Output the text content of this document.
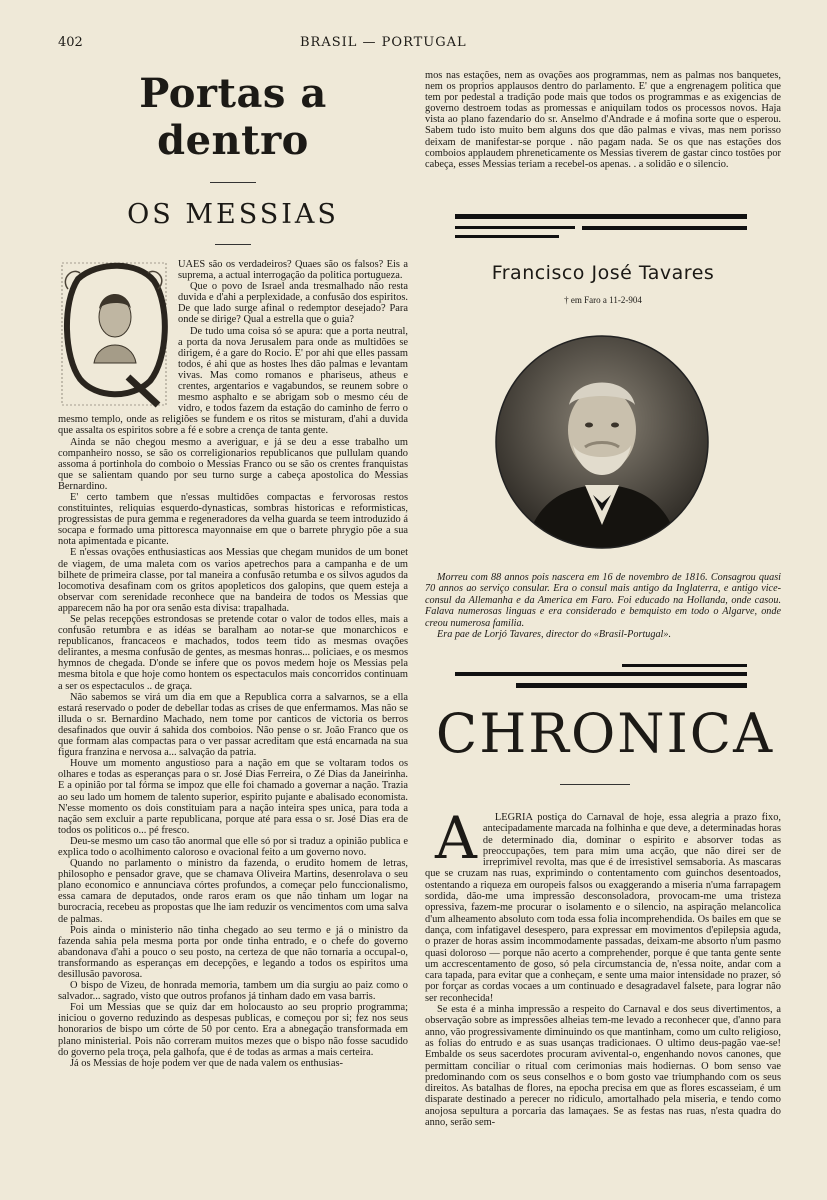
402	BRASIL — PORTUGAL
Portas a dentro
OS MESSIAS

UAES são os verdadeiros? Quaes são os falsos? Eis a suprema, a actual interrogação da politica portugueza.

Que o povo de Israel anda tresmalhado não resta duvida e d'ahi a perplexidade, a confusão dos espiritos. De que lado surge afinal o redemptor desejado? Para onde se dirige? Qual a estrella que o guia?

De tudo uma coisa só se apura: que a porta neutral, a porta da nova Jerusalem para onde as multidões se dirigem, é a gare do Rocio. E' por ahi que elles passam todos, é ahi que as hostes lhes dão palmas e levantam vivas. Mas como romanos e phariseus, atheus e crentes, argentarios e vagabundos, se reunem sobre o mesmo asphalto e se abrigam sob o mesmo céu de vidro, e todos fazem da estação do caminho de ferro o mesmo templo, onde as religiões se fundem e os ritos se misturam, d'ahi a duvida que assalta os espiritos sobre a fé e sobre a crença de tanta gente.

Ainda se não chegou mesmo a averiguar, e já se deu a esse trabalho um companheiro nosso, se são os correligionarios republicanos que pullulam quando assoma á portinhola do comboio o Messias Franco ou se são os crentes franquistas que se salientam quando por seu turno surge a cabeça apostolica do Messias Bernardino.

E' certo tambem que n'essas multidões compactas e fervorosas restos constituintes, reliquias esquerdo-dynasticas, sombras historicas e reformisticas, progressistas de pura gemma e regeneradores da velha guarda se teem introduzido á socapa e formado uma pittoresca mayonnaise em que o barrete phrygio põe a sua nota apimentada e picante.

E n'essas ovações enthusiasticas aos Messias que chegam munidos de um bonet de viagem, de uma maleta com os varios apetrechos para a campanha e de um bilhete de primeira classe, por tal maneira a confusão retumba e os silvos agudos da locomotiva desafinam com os gritos apopleticos dos galopins, que quem esteja a observar com serenidade reconhece que na bandeira de todos os Messias que apparecem não ha por ora senão esta divisa: trapalhada.

Se pelas recepções estrondosas se pretende cotar o valor de todos elles, mais a confusão retumbra e as idéas se baralham ao notar-se que monarchicos e republicanos, francaceos e machados, todos teem tido as mesmas ovações delirantes, a mesma confusão de gentes, as mesmas honras... policiaes, e os mesmos hymnos de chegada. D'onde se infere que os povos medem hoje os Messias pela mesma bitola e que hoje como hontem os espectaculos mais concorridos continuam a ser os espectaculos .. de graça.

Não sabemos se virá um dia em que a Republica corra a salvarnos, se a ella estará reservado o poder de debellar todas as crises de que enfermamos. Mas não se illuda o sr. Bernardino Machado, nem tome por canticos de victoria os berros desafinados que ouvir á sahida dos comboios. Não pense o sr. João Franco que os que formam alas compactas para o ver passar acreditam que está encarnada na sua figura franzina e nervosa a... salvação da patria.

Houve um momento angustioso para a nação em que se voltaram todos os olhares e todas as esperanças para o sr. José Dias Ferreira, o Zé Dias da Janeirinha. E a opinião por tal fórma se impoz que elle foi chamado a governar a nação. Trazia ao seu lado um homem de talento superior, espirito pujante e abalisado economista. N'esse momento os dois constituiam para a nação inteira spes unica, para toda a nação sem excluir a parte republicana, porque até para essa o sr. José Dias era de todos os politicos o... pé fresco.

Deu-se mesmo um caso tão anormal que elle só por si traduz a opinião publica e explica todo o acolhimento caloroso e ovacional feito a um governo novo.

Quando no parlamento o ministro da fazenda, o erudito homem de letras, philosopho e pensador grave, que se chamava Oliveira Martins, desenrolava o seu plano economico e annunciava córtes profundos, a começar pelo funccionalismo, essa camara de deputados, onde raros eram os que não tinham um logar na burocracia, recebeu as propostas que lhe iam reduzir os vencimentos com uma salva de palmas.

Pois ainda o ministerio não tinha chegado ao seu termo e já o ministro da fazenda sahia pela mesma porta por onde tinha entrado, e o chefe do governo abandonava d'ahi a pouco o seu posto, na certeza de que não tornaria a occupal-o, transformando as esperanças em decepções, e legando a todos os espiritos uma desillusão pavorosa.

O bispo de Vizeu, de honrada memoria, tambem um dia surgiu ao paiz como o salvador... sagrado, visto que outros profanos já tinham dado em vasa barris.

Foi um Messias que se quiz dar em holocausto ao seu proprio programma; iniciou o governo reduzindo as despesas publicas, e começou por si; fez nos seus honorarios de bispo um córte de 50 por cento. Era a abnegação transformada em plano ministerial. Pois não correram muitos mezes que o bispo não fosse sacudido do governo pela troça, pela galhofa, que é de todas as armas a mais certeira.

Já os Messias de hoje podem ver que de nada valem os enthusias-

mos nas estações, nem as ovações aos programmas, nem as palmas nos banquetes, nem os proprios applausos dentro do parlamento. E' que a engrenagem politica que tem por pedestal a tradição pode mais que todos os programmas e as exigencias de governo destroem todas as promessas e aniquilam todos os processos novos. Haja vista ao plano fazendario do sr. Anselmo d'Andrade e á mofina sorte que o esperou. Sabem tudo isto muito bem alguns dos que dão palmas e vivas, mas nem porisso deixam de manifestar-se porque . não pagam nada. Se os que nas estações dos comboios applaudem phreneticamente os Messias tiverem de gastar cinco tostões por cabeça, esses Messias teriam a recebel-os apenas. . a solidão e o silencio.

Francisco José Tavares
† em Faro a 11-2-904

Morreu com 88 annos pois nascera em 16 de novembro de 1816. Consagrou quasi 70 annos ao serviço consular. Era o consul mais antigo da Inglaterra, e antigo vice-consul da Allemanha e da America em Faro. Foi educado na Hollanda, onde casou. Falava numerosas linguas e era considerado e bemquisto em todo o Algarve, onde creou numerosa familia.

Era pae de Lorjó Tavares, director do «Brasil-Portugal».

CHRONICA
A	LEGRIA postiça do Carnaval de hoje, essa alegria a prazo fixo, antecipadamente marcada na folhinha e que deve, a determinadas horas de determinado dia, dominar o espirito e absorver todas as preoccupações, tem para mim uma acção, que não direi ser de irreprimivel revolta, mas que é de irresistivel semsaboria. As mascaras que se cruzam nas ruas, exprimindo o contentamento com guinchos desentoados, ostentando a riqueza em ouropeis falsos ou exaggerando a miseria n'uma farrapagem sordida, dão-me uma impressão desconsoladora, provocam-me uma tristeza opressiva, fazem-me procurar o isolamento e o silencio, na aspiração melancolica d'um alheamento absoluto com toda essa folia incomprehendida. Os bailes em que se dança, com infatigavel desespero, para expressar em movimentos d'epilepsia aguda, o prazer de horas assim incommodamente passadas, deixam-me absorto n'um pasmo quasi doloroso — porque não acerto a comprehender, porque é que tanta gente sente um accrescentamento de goso, só pela circumstancia de, n'essa noite, andar com a cara tapada, para evitar que a conheçam, e sente uma maior intensidade no prazer, só por forçar as cordas vocaes a um continuado e desagradavel falsete, para lograr não ser reconhecida!

Se esta é a minha impressão a respeito do Carnaval e dos seus divertimentos, a observação sobre as impressões alheias tem-me levado a reconhecer que, d'anno para anno, vão progressivamente diminuindo os que mantinham, como um culto religioso, as folias do entrudo e as suas usanças tradicionaes. O ultimo deus-pagão vae-se! Embalde os seus sacerdotes procuram avivental-o, engenhando novos canones, que permittam conciliar o ritual com cerimonias mais hodiernas. O bom senso vae predominando com os seus conselhos e o bom gosto vae triumphando com os seus direitos. As batalhas de flores, na epocha precisa em que as flores escasseiam, é um disparate destinado a perecer no ridiculo, amortalhado pela miseria, e tendo como anojosa sepultura a porcaria das lamaçaes. Se as festas nas ruas, n'esta quadra do anno, serão sem-
